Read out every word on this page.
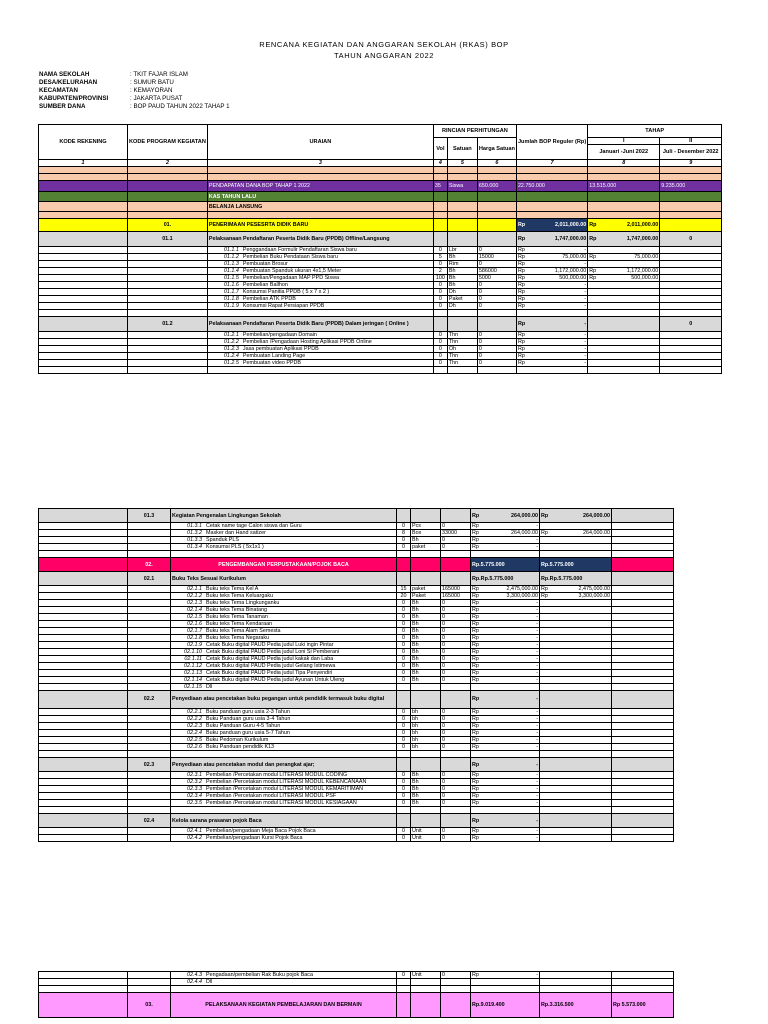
RENCANA KEGIATAN DAN ANGGARAN SEKOLAH (RKAS) BOP
TAHUN ANGGARAN 2022
NAMA SEKOLAH	: TKIT FAJAR ISLAM
DESA/KELURAHAN	: SUMUR BATU
KECAMATAN	: KEMAYORAN
KABUPATEN/PROVINSI	: JAKARTA PUSAT
SUMBER DANA	: BOP PAUD TAHUN 2022 TAHAP 1
KODE REKENING	KODE PROGRAM KEGIATAN	URAIAN	RINCIAN PERHITUNGAN			Jumlah BOP Reguler (Rp)	TAHAP	
			Vol	Satuan	Harga Satuan		I	II
							Januari -Juni 2022	Juli - Desember 2022
1	2	3	4	5	6	7	8	9

		PENDAPATAN DANA BOP TAHAP 1 2022	35	Siswa	650.000	22.750.000	13.515.000	9.235.000
		KAS TAHUN LALU						
		BELANJA LANSUNG						

	01.	PENERIMAAN PESESRTA DIDIK BARU				Rp 2,011,000.00	Rp 2,011,000.00	

	01.1	Pelaksanaan Pendaftaran Peserta Didik Baru (PPDB) Offline/Langsung				Rp 1,747,000.00	Rp 1,747,000.00	0
		01.1.1 Penggandaan Formulir Pendaftaran Siswa baru	0	Lbr	0	Rp -		

		01.1.2 Pembelian Buku Pendataan Siswa baru	5	Bh	15000	Rp 75,000.00	Rp 75,000.00	

		01.1.3 Pembuatan Brosur	0	Rim	0	Rp -		

		01.1.4 Pembuatan Spanduk ukuran 4x1,5 Meter	2	Bh	586000	Rp 1,172,000.00	Rp 1,172,000.00	

		01.1.5 Pembelian/Pengadaan MAP PPD Siswa	100	Bh	5000	Rp 500,000.00	Rp 500,000.00	

		01.1.6 Pembelian Ballhon	0	Bh	0	Rp -		

		01.1.7 Konsumsi Panitia PPDB ( 5 x 7 x 2 )	0	Dh	0	Rp -		

		01.1.8 Pembelian ATK PPDB	0	Paket	0	Rp -		

		01.1.9 Konsumsi Rapat Persiapan PPDB	0	Dh	0	Rp -		

	01.2	Pelaksanaan Pendaftaran Peserta Didik Baru (PPDB) Dalam jeringan ( Online )				Rp -		0
		01.2.1 Pembelian/pengadaan Domain	0	Thn	0	Rp -		

		01.2.2 Pembelian /Pengadaan Hosting Aplikasi PPDB Online	0	Thn	0	Rp -		

		01.2.3 Jasa pembuatan Aplikasi PPDB	0	Oh	0	Rp -		

		01.2.4 Pembuatan Landing Page	0	Thn	0	Rp -		

		01.2.5 Pembuatan video PPDB	0	Thn	0	Rp -		

	01.3	Kegiatan Pengenalan Lingkungan Sekolah				Rp 264,000.00	Rp 264,000.00	

		01.3.1 Cetak name tage Calon siswa dan Guru	0	Pcs	0	Rp -		

		01.3.2 Masker dan Hand satizer	8	Box	33000	Rp 264,000.00	Rp 264,000.00	

		01.3.3 Spanduk PLS	0	Bh	0	Rp -		

		01.3.4 Konsumsi PLS ( 5x1x1 )	0	paket	0	Rp -		

	02.	PENGEMBANGAN PERPUSTAKAAN/POJOK BACA				Rp.5.775.000	Rp.5.775.000	
	02.1	Buku Teks Sesuai Kurikulum				Rp.Rp.5.775.000	Rp.Rp.5.775.000	
		02.1.1 Buku teks Tema Kel A	15	paket	165000	Rp 2,475,000.00	Rp 2,475,000.00	

		02.1.2 Buku teks Tema Keluargaku	20	Paket	165000	Rp 3,300,000.00	Rp 3,300,000.00	

		02.1.3 Buku teks Tema Lingkunganku	0	Bh	0	Rp -		

		02.1.4 Buku teks Tema Binatang	0	Bh	0	Rp -		

		02.1.5 Buku teks Tema Tanaman	0	Bh	0	Rp -		

		02.1.6 Buku teks Tema Kendaraan	0	Bh	0	Rp -		

		02.1.7 Buku teks Tema Alam Semesta	0	Bh	0	Rp -		

		02.1.8 Buku teks Tema Negaraku	0	Bh	0	Rp -		

		02.1.9 Cetak Buku digital PAUD Pedia judul Luki ingin Pintar	0	Bh	0	Rp -		

		02.1.10 Cetak Buku digital PAUD Pedia judul Loni Si Pemberani	0	Bh	0	Rp -		

		02.1.11 Cetak Buku digital PAUD Pedia judul kakak dan Laba	0	Bh	0	Rp -		

		02.1.12 Cetak Buku digital PAUD Pedia judul Gelang Istimewa	0	Bh	0	Rp -		

		02.1.13 Cetak Buku digital PAUD Pedia judul Tipa Penyendiri	0	Bh	0	Rp -		

		02.1.14 Cetak Buku digital PAUD Pedia judul Ayunan Untuk Uleng	0	Bh	0	Rp -		

		02.1.15 Dll						
	02.2	Penyediaan atau pencetakan buku pegangan untuk pendidik termasuk buku digital				Rp -		

		02.2.1 Buku panduan guru usia 2-3 Tahun	0	bh	0	Rp -		

		02.2.2 Buku Panduan guru usia 3-4 Tahun	0	bh	0	Rp -		

		02.2.3 Buku Panduan Guru 4-5 Tahun	0	bh	0	Rp -		

		02.2.4 Buku panduan guru usia 5-7 Tahun	0	bh	0	Rp -		

		02.2.5 Buku Pedoman Kurikulum	0	bh	0	Rp -		

		02.2.6 Buku Panduan pendidik K13	0	bh	0	Rp -		

	02.3	Penyediaan atau pencetakan modul dan perangkat ajar;				Rp -		

		02.3.1 Pembelian /Percetakan modul LITERASI MODUL CODING	0	Bh	0	Rp -		

		02.3.2 Pembelian /Percetakan modul LITERASI MODUL KEBENCANAAN	0	Bh	0	Rp -		

		02.3.3 Pembelian /Percetakan modul LITERASI MODUL KEMARITIMAN	0	Bh	0	Rp -		

		02.3.4 Pembelian /Percetakan modul LITERASI MODUL PSF	0	Bh	0	Rp -		

		02.3.5 Pembelian /Percetakan modul LITERASI MODUL KESIAGAAN	0	Bh	0	Rp -		

	02.4	Kelola sarana prasaran pojok Baca				Rp -		

		02.4.1 Pembelian/pengadaan Meja Baca Pojok Baca	0	Unit	0	Rp -		

		02.4.2 Pembelian/pengadaan Kursi Pojok Baca	0	Unit	0	Rp -		

		02.4.3 Pengadaan/pembelian Rak Buku pojok Baca	0	Unit	0	Rp -		

		02.4.4 Dll						

	03.	PELAKSANAAN KEGIATAN PEMBELAJARAN DAN BERMAIN				Rp.9.019.400	Rp.3.316.500	Rp 5.573.000
